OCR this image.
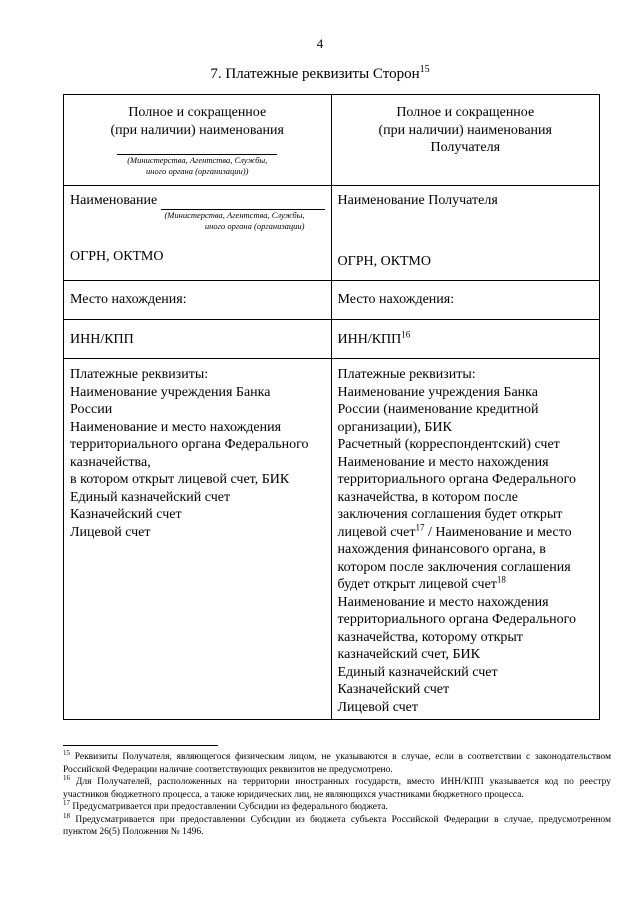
4
7. Платежные реквизиты Сторон$^{15}$
Полное и сокращенное
(при наличии) наименования
(Министерства, Агентства, Службы,
иного органа (организации))
Полное и сокращенное
(при наличии) наименования
Получателя
Наименование
(Министерства, Агентства, Службы,
иного органа (организации)
ОГРН, ОКТМО
Наименование Получателя
ОГРН, ОКТМО
Место нахождения:	Место нахождения:
ИНН/КПП	ИНН/КПП$^{16}$
Платежные реквизиты:
Наименование учреждения Банка
России
Наименование и место нахождения
территориального органа Федерального
казначейства,
в котором открыт лицевой счет, БИК
Единый казначейский счет
Казначейский счет
Лицевой счет
Платежные реквизиты:
Наименование учреждения Банка
России (наименование кредитной
организации), БИК
Расчетный (корреспондентский) счет
Наименование и место нахождения
территориального органа Федерального
казначейства, в котором после
заключения соглашения будет открыт
лицевой счет$^{17}$ / Наименование и место
нахождения финансового органа, в
котором после заключения соглашения
будет открыт лицевой счет$^{18}$
Наименование и место нахождения
территориального органа Федерального
казначейства, которому открыт
казначейский счет, БИК
Единый казначейский счет
Казначейский счет
Лицевой счет

$^{15}$ Реквизиты Получателя, являющегося физическим лицом, не указываются в случае, если в соответствии с законодательством Российской Федерации наличие соответствующих реквизитов не предусмотрено.

$^{16}$ Для Получателей, расположенных на территории иностранных государств, вместо ИНН/КПП указывается код по реестру участников бюджетного процесса, а также юридических лиц, не являющихся участниками бюджетного процесса.

$^{17}$ Предусматривается при предоставлении Субсидии из федерального бюджета.

$^{18}$ Предусматривается при предоставлении Субсидии из бюджета субъекта Российской Федерации в случае, предусмотренном пунктом 26(5) Положения № 1496.
